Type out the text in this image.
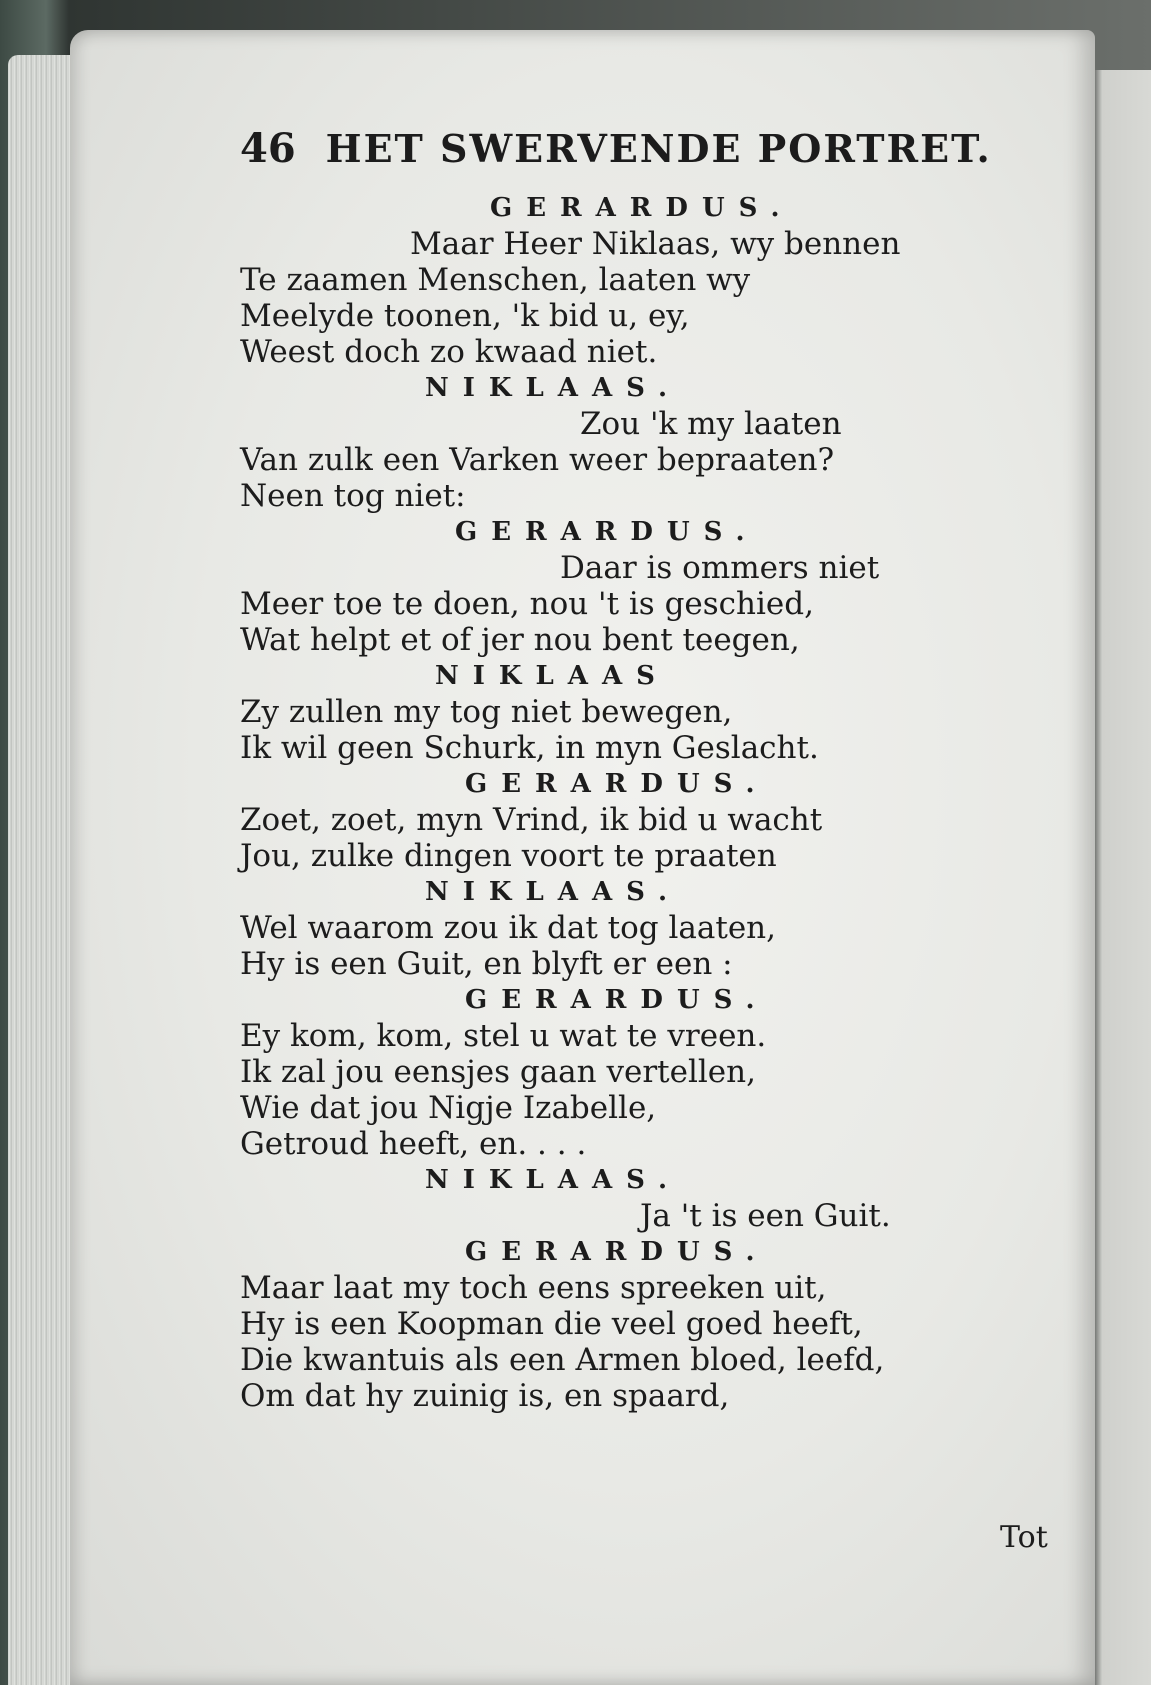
46 HET SWERVENDE PORTRET.
GERARDUS.
Maar Heer Niklaas, wy bennen
Te zaamen Menschen, laaten wy
Meelyde toonen, 'k bid u, ey,
Weest doch zo kwaad niet.
NIKLAAS.
Zou 'k my laaten
Van zulk een Varken weer bepraaten?
Neen tog niet:
GERARDUS.
Daar is ommers niet
Meer toe te doen, nou 't is geschied,
Wat helpt et of jer nou bent teegen,
NIKLAAS
Zy zullen my tog niet bewegen,
Ik wil geen Schurk, in myn Geslacht.
GERARDUS.
Zoet, zoet, myn Vrind, ik bid u wacht
Jou, zulke dingen voort te praaten
NIKLAAS.
Wel waarom zou ik dat tog laaten,
Hy is een Guit, en blyft er een :
GERARDUS.
Ey kom, kom, stel u wat te vreen.
Ik zal jou eensjes gaan vertellen,
Wie dat jou Nigje Izabelle,
Getroud heeft, en. . . .
NIKLAAS.
Ja 't is een Guit.
GERARDUS.
Maar laat my toch eens spreeken uit,
Hy is een Koopman die veel goed heeft,
Die kwantuis als een Armen bloed, leefd,
Om dat hy zuinig is, en spaard,
Tot
